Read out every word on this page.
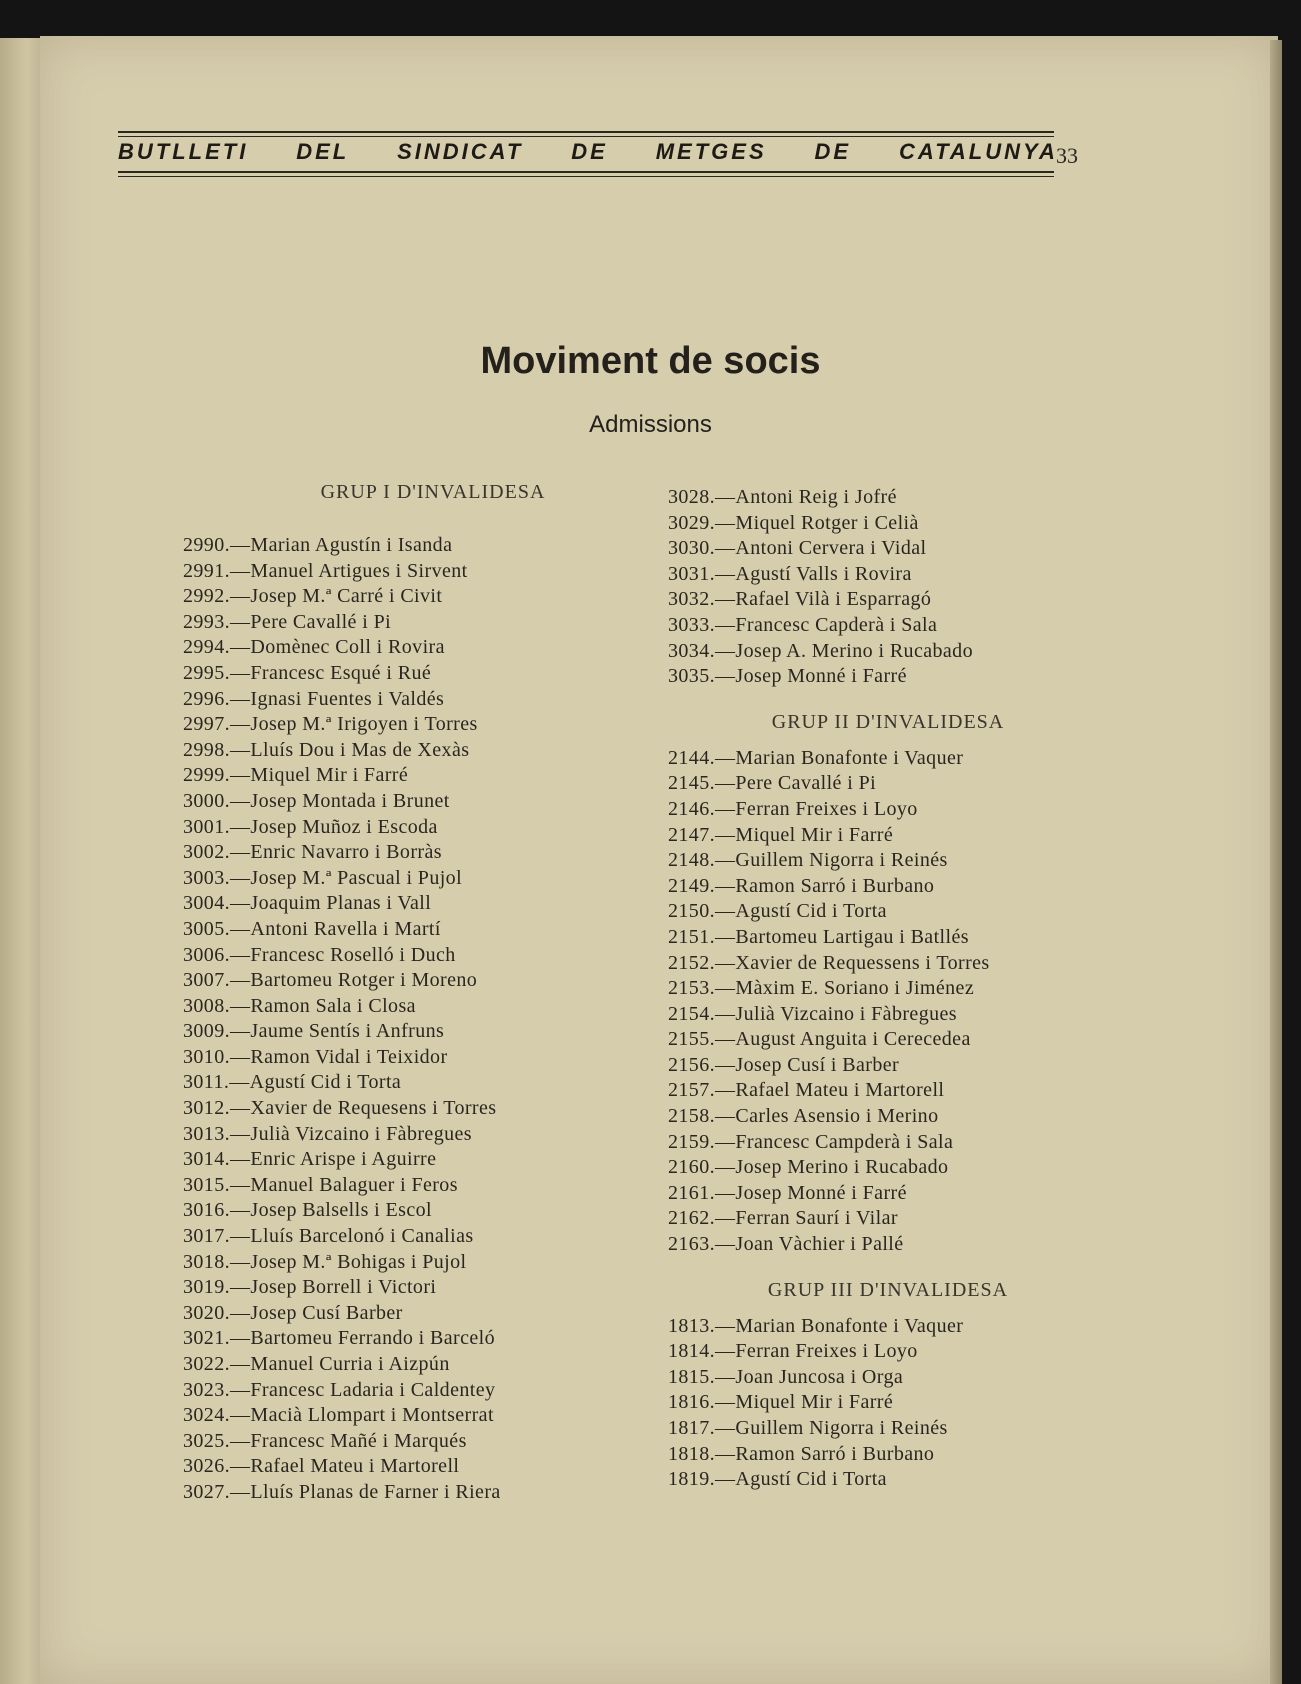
BUTLLETI DEL SINDICAT DE METGES DE CATALUNYA
33
Moviment de socis
Admissions
GRUP I D'INVALIDESA
2990.—Marian Agustín i Isanda
2991.—Manuel Artigues i Sirvent
2992.—Josep M.ª Carré i Civit
2993.—Pere Cavallé i Pi
2994.—Domènec Coll i Rovira
2995.—Francesc Esqué i Rué
2996.—Ignasi Fuentes i Valdés
2997.—Josep M.ª Irigoyen i Torres
2998.—Lluís Dou i Mas de Xexàs
2999.—Miquel Mir i Farré
3000.—Josep Montada i Brunet
3001.—Josep Muñoz i Escoda
3002.—Enric Navarro i Borràs
3003.—Josep M.ª Pascual i Pujol
3004.—Joaquim Planas i Vall
3005.—Antoni Ravella i Martí
3006.—Francesc Roselló i Duch
3007.—Bartomeu Rotger i Moreno
3008.—Ramon Sala i Closa
3009.—Jaume Sentís i Anfruns
3010.—Ramon Vidal i Teixidor
3011.—Agustí Cid i Torta
3012.—Xavier de Requesens i Torres
3013.—Julià Vizcaino i Fàbregues
3014.—Enric Arispe i Aguirre
3015.—Manuel Balaguer i Feros
3016.—Josep Balsells i Escol
3017.—Lluís Barcelonó i Canalias
3018.—Josep M.ª Bohigas i Pujol
3019.—Josep Borrell i Victori
3020.—Josep Cusí Barber
3021.—Bartomeu Ferrando i Barceló
3022.—Manuel Curria i Aizpún
3023.—Francesc Ladaria i Caldentey
3024.—Macià Llompart i Montserrat
3025.—Francesc Mañé i Marqués
3026.—Rafael Mateu i Martorell
3027.—Lluís Planas de Farner i Riera
3028.—Antoni Reig i Jofré
3029.—Miquel Rotger i Celià
3030.—Antoni Cervera i Vidal
3031.—Agustí Valls i Rovira
3032.—Rafael Vilà i Esparragó
3033.—Francesc Capderà i Sala
3034.—Josep A. Merino i Rucabado
3035.—Josep Monné i Farré
GRUP II D'INVALIDESA
2144.—Marian Bonafonte i Vaquer
2145.—Pere Cavallé i Pi
2146.—Ferran Freixes i Loyo
2147.—Miquel Mir i Farré
2148.—Guillem Nigorra i Reinés
2149.—Ramon Sarró i Burbano
2150.—Agustí Cid i Torta
2151.—Bartomeu Lartigau i Batllés
2152.—Xavier de Requessens i Torres
2153.—Màxim E. Soriano i Jiménez
2154.—Julià Vizcaino i Fàbregues
2155.—August Anguita i Cerecedea
2156.—Josep Cusí i Barber
2157.—Rafael Mateu i Martorell
2158.—Carles Asensio i Merino
2159.—Francesc Campderà i Sala
2160.—Josep Merino i Rucabado
2161.—Josep Monné i Farré
2162.—Ferran Saurí i Vilar
2163.—Joan Vàchier i Pallé
GRUP III D'INVALIDESA
1813.—Marian Bonafonte i Vaquer
1814.—Ferran Freixes i Loyo
1815.—Joan Juncosa i Orga
1816.—Miquel Mir i Farré
1817.—Guillem Nigorra i Reinés
1818.—Ramon Sarró i Burbano
1819.—Agustí Cid i Torta
